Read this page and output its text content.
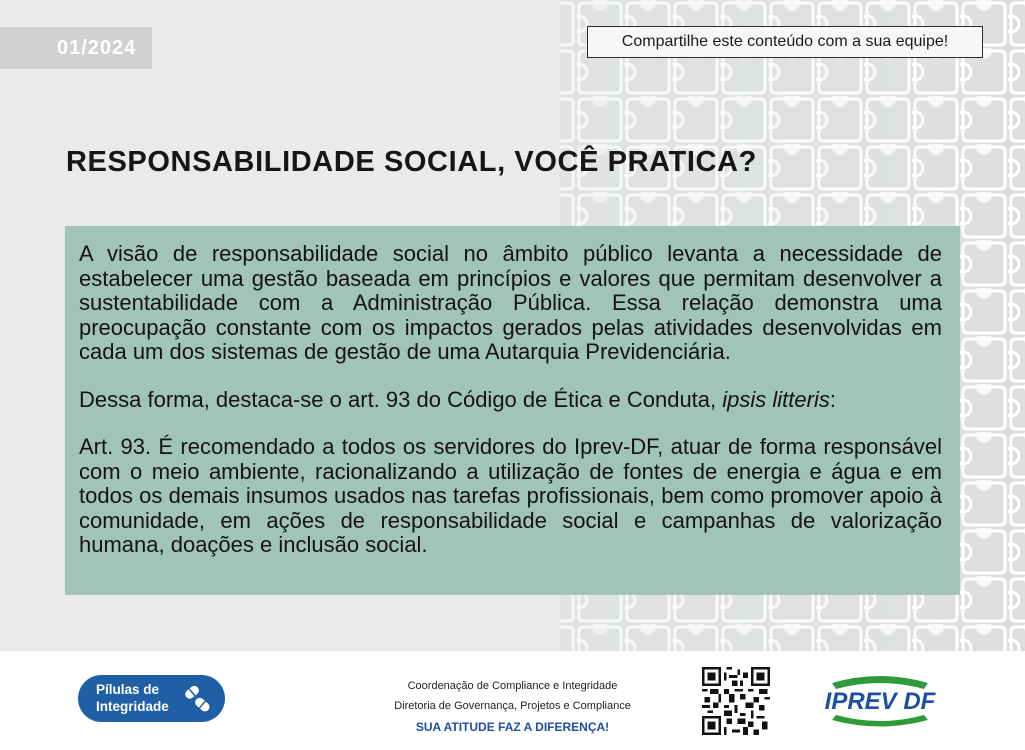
01/2024	Compartilhe este conteúdo com a sua equipe!
RESPONSABILIDADE SOCIAL, VOCÊ PRATICA?

A visão de responsabilidade social no âmbito público levanta a necessidade de estabelecer uma gestão baseada em princípios e valores que permitam desenvolver a sustentabilidade com a Administração Pública. Essa relação demonstra uma preocupação constante com os impactos gerados pelas atividades desenvolvidas em cada um dos sistemas de gestão de uma Autarquia Previdenciária.

Dessa forma, destaca-se o art. 93 do Código de Ética e Conduta, ipsis litteris:

Art. 93. É recomendado a todos os servidores do Iprev-DF, atuar de forma responsável com o meio ambiente, racionalizando a utilização de fontes de energia e água e em todos os demais insumos usados nas tarefas profissionais, bem como promover apoio à comunidade, em ações de responsabilidade social e campanhas de valorização humana, doações e inclusão social.

Pílulas de
Integridade
Coordenação de Compliance e Integridade
Diretoria de Governança, Projetos e Compliance
SUA ATITUDE FAZ A DIFERENÇA!
IPREV DF
